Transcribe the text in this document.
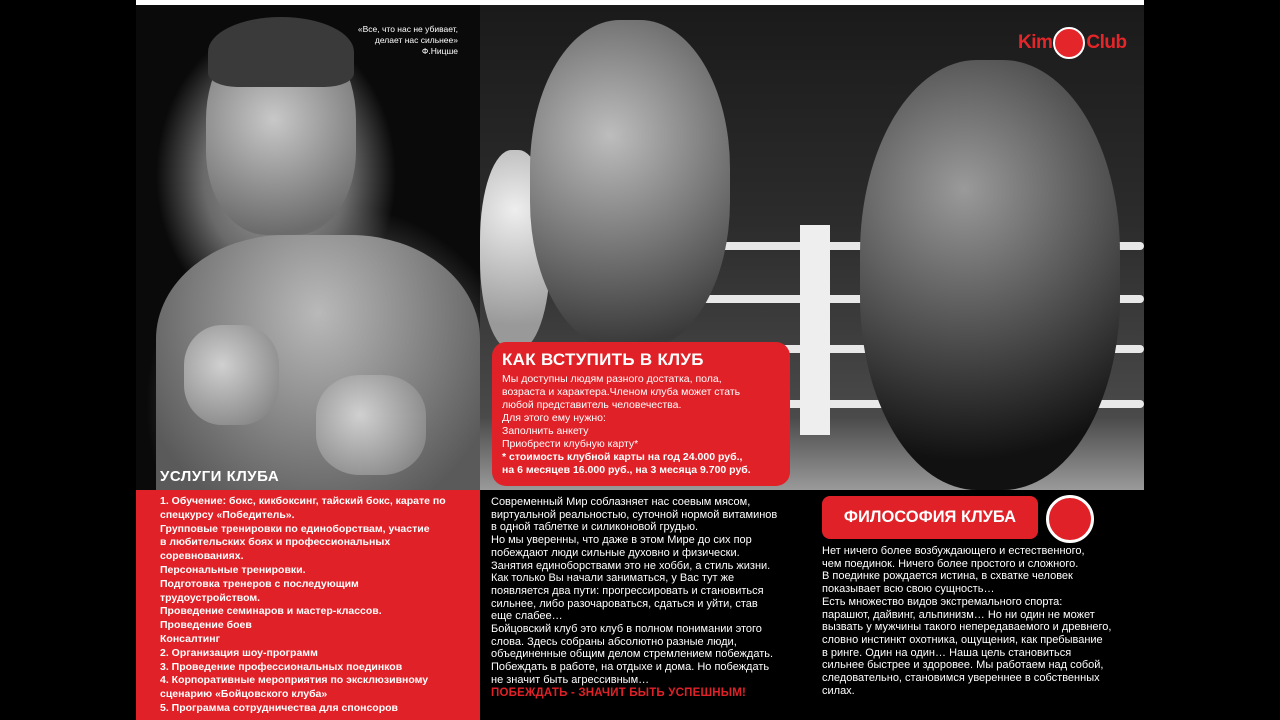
«Все, что нас не убивает,
делает нас сильнее»
Ф.Ницше	Kim Club
КАК ВСТУПИТЬ В КЛУБ

Мы доступны людям разного достатка, пола,

возраста и характера.Членом клуба может стать

любой представитель человечества.

Для этого ему нужно:

Заполнить анкету

Приобрести клубную карту*

* стоимость клубной карты на год 24.000 руб.,

на 6 месяцев 16.000 руб., на 3 месяца 9.700 руб.

УСЛУГИ КЛУБА
1. Обучение: бокс, кикбоксинг, тайский бокс, карате по
спецкурсу «Победитель».
Групповые тренировки по единоборствам, участие
в любительских боях и профессиональных
соревнованиях.
Персональные тренировки.
Подготовка тренеров с последующим трудоустройством.
Проведение семинаров и мастер-классов.
Проведение боев
Консалтинг
2. Организация шоу-программ
3. Проведение профессиональных поединков
4. Корпоративные мероприятия по эксклюзивному
сценарию «Бойцовского клуба»
5. Программа сотрудничества для спонсоров
Современный Мир соблазняет нас соевым мясом,
виртуальной реальностью, суточной нормой витаминов
в одной таблетке и силиконовой грудью.
Но мы уверенны, что даже в этом Мире до сих пор
побеждают люди сильные духовно и физически.
Занятия единоборствами это не хобби, а стиль жизни.
Как только Вы начали заниматься, у Вас тут же
появляется два пути: прогрессировать и становиться
сильнее, либо разочароваться, сдаться и уйти, став
еще слабее…
Бойцовский клуб это клуб в полном понимании этого
слова. Здесь собраны абсолютно разные люди,
объединенные общим делом стремлением побеждать.
Побеждать в работе, на отдыхе и дома. Но побеждать
не значит быть агрессивным…
ПОБЕЖДАТЬ - ЗНАЧИТ БЫТЬ УСПЕШНЫМ!
ФИЛОСОФИЯ КЛУБА
Нет ничего более возбуждающего и естественного,
чем поединок. Ничего более простого и сложного.
В поединке рождается истина, в схватке человек
показывает всю свою сущность…
Есть множество видов экстремального спорта:
парашют, дайвинг, альпинизм… Но ни один не может
вызвать у мужчины такого непередаваемого и древнего,
словно инстинкт охотника, ощущения, как пребывание
в ринге. Один на один… Наша цель становиться
сильнее быстрее и здоровее. Мы работаем над собой,
следовательно, становимся увереннее в собственных
силах.
